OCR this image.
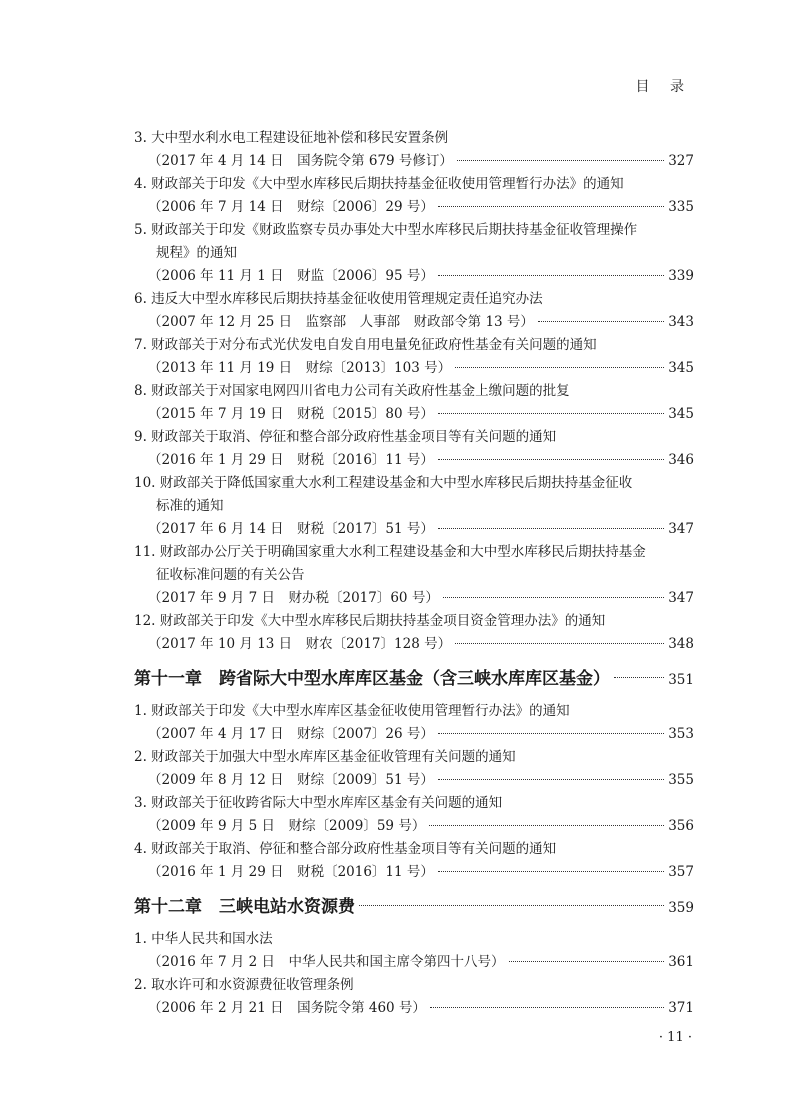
目 录
3. 大中型水利水电工程建设征地补偿和移民安置条例
（2017 年 4 月 14 日　国务院令第 679 号修订）	327
4. 财政部关于印发《大中型水库移民后期扶持基金征收使用管理暂行办法》的通知
（2006 年 7 月 14 日　财综〔2006〕29 号）	335
5. 财政部关于印发《财政监察专员办事处大中型水库移民后期扶持基金征收管理操作
规程》的通知
（2006 年 11 月 1 日　财监〔2006〕95 号）	339
6. 违反大中型水库移民后期扶持基金征收使用管理规定责任追究办法
（2007 年 12 月 25 日　监察部　人事部　财政部令第 13 号）	343
7. 财政部关于对分布式光伏发电自发自用电量免征政府性基金有关问题的通知
（2013 年 11 月 19 日　财综〔2013〕103 号）	345
8. 财政部关于对国家电网四川省电力公司有关政府性基金上缴问题的批复
（2015 年 7 月 19 日　财税〔2015〕80 号）	345
9. 财政部关于取消、停征和整合部分政府性基金项目等有关问题的通知
（2016 年 1 月 29 日　财税〔2016〕11 号）	346
10. 财政部关于降低国家重大水利工程建设基金和大中型水库移民后期扶持基金征收
标准的通知
（2017 年 6 月 14 日　财税〔2017〕51 号）	347
11. 财政部办公厅关于明确国家重大水利工程建设基金和大中型水库移民后期扶持基金
征收标准问题的有关公告
（2017 年 9 月 7 日　财办税〔2017〕60 号）	347
12. 财政部关于印发《大中型水库移民后期扶持基金项目资金管理办法》的通知
（2017 年 10 月 13 日　财农〔2017〕128 号）	348
第十一章　跨省际大中型水库库区基金（含三峡水库库区基金）	351
1. 财政部关于印发《大中型水库库区基金征收使用管理暂行办法》的通知
（2007 年 4 月 17 日　财综〔2007〕26 号）	353
2. 财政部关于加强大中型水库库区基金征收管理有关问题的通知
（2009 年 8 月 12 日　财综〔2009〕51 号）	355
3. 财政部关于征收跨省际大中型水库库区基金有关问题的通知
（2009 年 9 月 5 日　财综〔2009〕59 号）	356
4. 财政部关于取消、停征和整合部分政府性基金项目等有关问题的通知
（2016 年 1 月 29 日　财税〔2016〕11 号）	357
第十二章　三峡电站水资源费	359
1. 中华人民共和国水法
（2016 年 7 月 2 日　中华人民共和国主席令第四十八号）	361
2. 取水许可和水资源费征收管理条例
（2006 年 2 月 21 日　国务院令第 460 号）	371
· 11 ·
